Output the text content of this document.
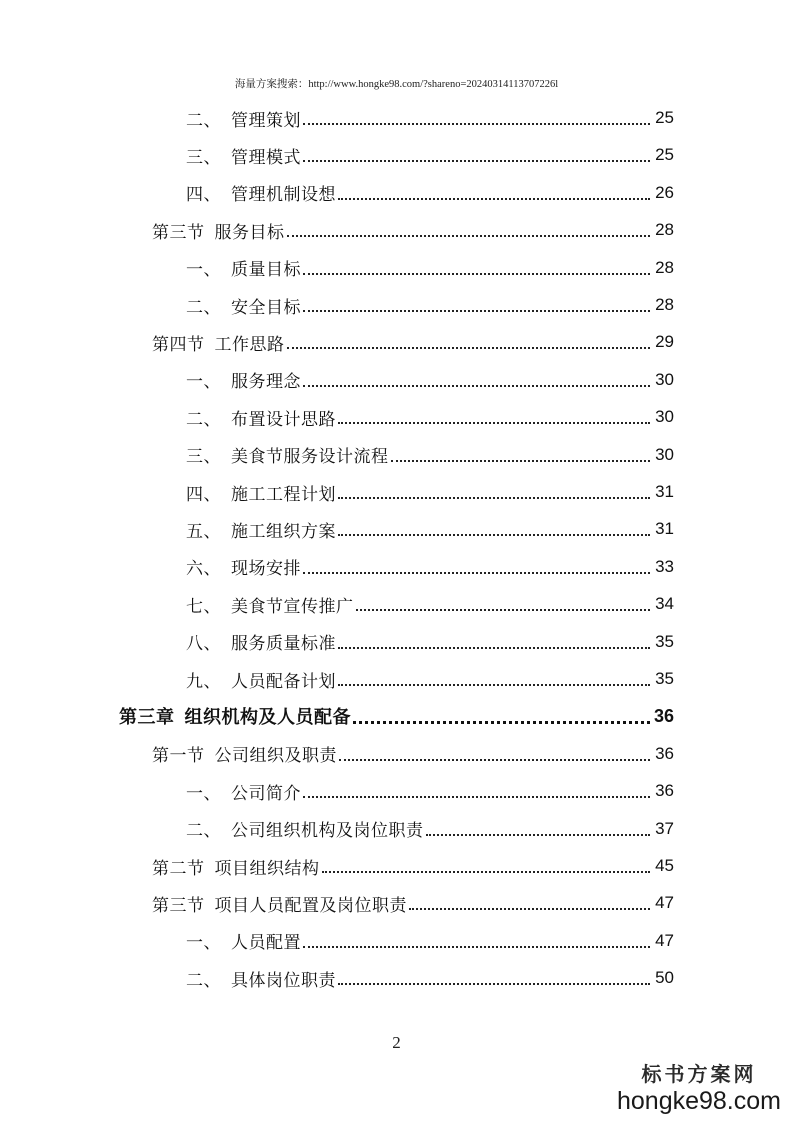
海量方案搜索：http://www.hongke98.com/?shareno=20240314113707226l
二、 管理策划	25
三、 管理模式	25
四、 管理机制设想	26
第三节 服务目标	28
一、 质量目标	28
二、 安全目标	28
第四节 工作思路	29
一、 服务理念	30
二、 布置设计思路	30
三、 美食节服务设计流程	30
四、 施工工程计划	31
五、 施工组织方案	31
六、 现场安排	33
七、 美食节宣传推广	34
八、 服务质量标准	35
九、 人员配备计划	35
第三章 组织机构及人员配备	36
第一节 公司组织及职责	36
一、 公司简介	36
二、 公司组织机构及岗位职责	37
第二节 项目组织结构	45
第三节 项目人员配置及岗位职责	47
一、 人员配置	47
二、 具体岗位职责	50
2
标书方案网
hongke98.com
